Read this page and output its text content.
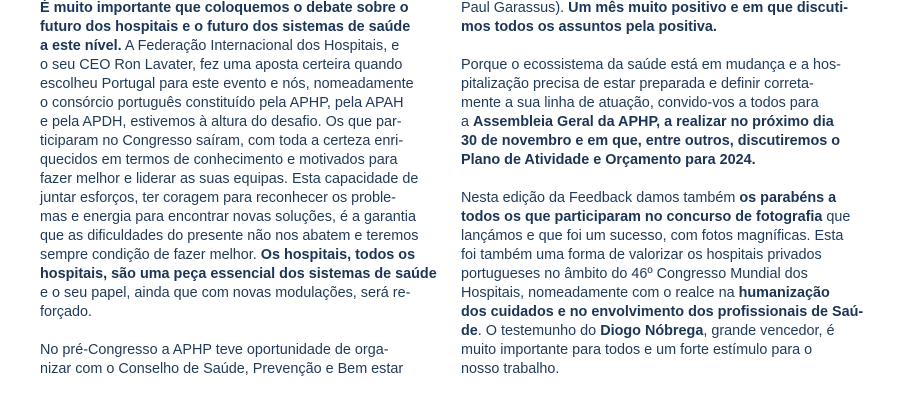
É muito importante que coloquemos o debate sobre o
futuro dos hospitais e o futuro dos sistemas de saúde
a este nível. A Federação Internacional dos Hospitais, e
o seu CEO Ron Lavater, fez uma aposta certeira quando
escolheu Portugal para este evento e nós, nomeadamente
o consórcio português constituído pela APHP, pela APAH
e pela APDH, estivemos à altura do desafio. Os que par-
ticiparam no Congresso saíram, com toda a certeza enri-
quecidos em termos de conhecimento e motivados para
fazer melhor e liderar as suas equipas. Esta capacidade de
juntar esforços, ter coragem para reconhecer os proble-
mas e energia para encontrar novas soluções, é a garantia
que as dificuldades do presente não nos abatem e teremos
sempre condição de fazer melhor. Os hospitais, todos os
hospitais, são uma peça essencial dos sistemas de saúde
e o seu papel, ainda que com novas modulações, será re-
forçado.

No pré-Congresso a APHP teve oportunidade de orga-
nizar com o Conselho de Saúde, Prevenção e Bem estar

Paul Garassus). Um mês muito positivo e em que discuti-
mos todos os assuntos pela positiva.

Porque o ecossistema da saúde está em mudança e a hos-
pitalização precisa de estar preparada e definir correta-
mente a sua linha de atuação, convido-vos a todos para
a Assembleia Geral da APHP, a realizar no próximo dia
30 de novembro e em que, entre outros, discutiremos o
Plano de Atividade e Orçamento para 2024.

Nesta edição da Feedback damos também os parabéns a
todos os que participaram no concurso de fotografia que
lançámos e que foi um sucesso, com fotos magníficas. Esta
foi também uma forma de valorizar os hospitais privados
portugueses no âmbito do 46º Congresso Mundial dos
Hospitais, nomeadamente com o realce na humanização
dos cuidados e no envolvimento dos profissionais de Saú-
de. O testemunho do Diogo Nóbrega, grande vencedor, é
muito importante para todos e um forte estímulo para o
nosso trabalho.
